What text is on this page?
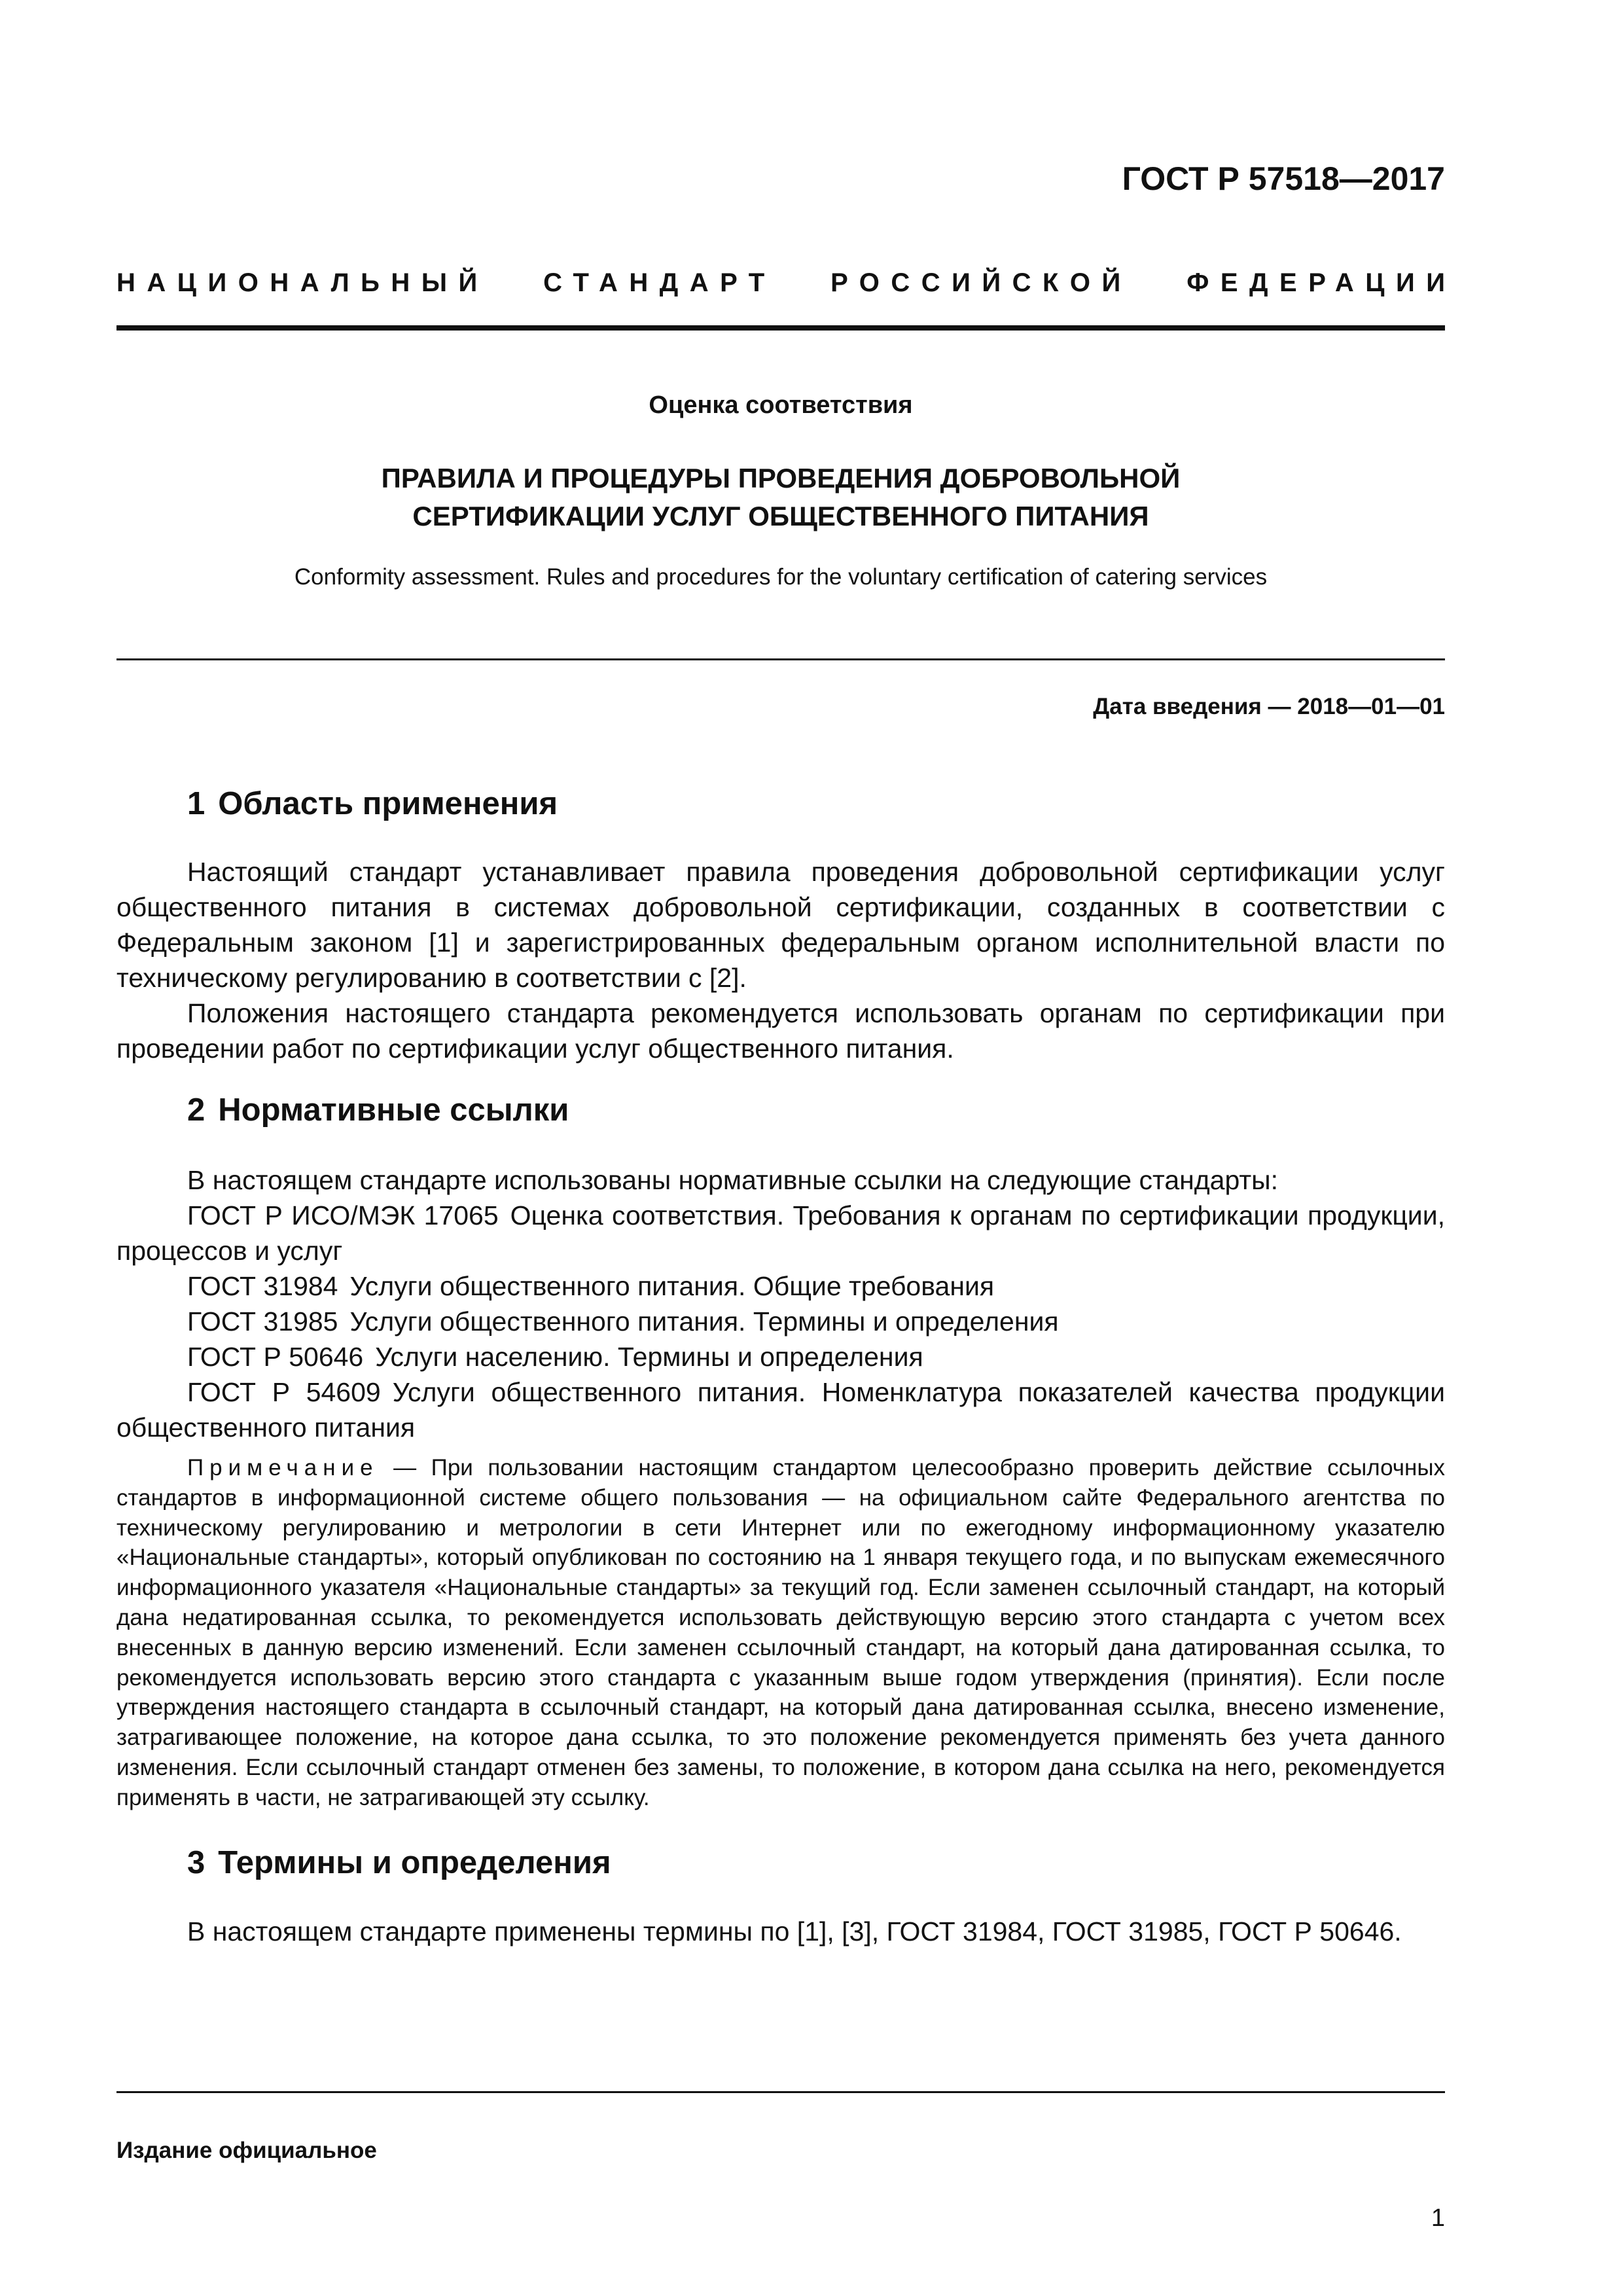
ГОСТ Р 57518—2017
НАЦИОНАЛЬНЫЙ СТАНДАРТ РОССИЙСКОЙ ФЕДЕРАЦИИ
Оценка соответствия
ПРАВИЛА И ПРОЦЕДУРЫ ПРОВЕДЕНИЯ ДОБРОВОЛЬНОЙ
СЕРТИФИКАЦИИ УСЛУГ ОБЩЕСТВЕННОГО ПИТАНИЯ
Conformity assessment. Rules and procedures for the voluntary certification of catering services
Дата введения — 2018—01—01
1 Область применения

Настоящий стандарт устанавливает правила проведения добровольной сертификации услуг общественного питания в системах добровольной сертификации, созданных в соответствии с Федеральным законом [1] и зарегистрированных федеральным органом исполнительной власти по техническому регулированию в соответствии с [2].

Положения настоящего стандарта рекомендуется использовать органам по сертификации при проведении работ по сертификации услуг общественного питания.

2 Нормативные ссылки

В настоящем стандарте использованы нормативные ссылки на следующие стандарты:

ГОСТ Р ИСО/МЭК 17065 Оценка соответствия. Требования к органам по сертификации продукции, процессов и услуг

ГОСТ 31984 Услуги общественного питания. Общие требования

ГОСТ 31985 Услуги общественного питания. Термины и определения

ГОСТ Р 50646 Услуги населению. Термины и определения

ГОСТ Р 54609 Услуги общественного питания. Номенклатура показателей качества продукции общественного питания

Примечание — При пользовании настоящим стандартом целесообразно проверить действие ссылочных стандартов в информационной системе общего пользования — на официальном сайте Федерального агентства по техническому регулированию и метрологии в сети Интернет или по ежегодному информационному указателю «Национальные стандарты», который опубликован по состоянию на 1 января текущего года, и по выпускам ежемесячного информационного указателя «Национальные стандарты» за текущий год. Если заменен ссылочный стандарт, на который дана недатированная ссылка, то рекомендуется использовать действующую версию этого стандарта с учетом всех внесенных в данную версию изменений. Если заменен ссылочный стандарт, на который дана датированная ссылка, то рекомендуется использовать версию этого стандарта с указанным выше годом утверждения (принятия). Если после утверждения настоящего стандарта в ссылочный стандарт, на который дана датированная ссылка, внесено изменение, затрагивающее положение, на которое дана ссылка, то это положение рекомендуется применять без учета данного изменения. Если ссылочный стандарт отменен без замены, то положение, в котором дана ссылка на него, рекомендуется применять в части, не затрагивающей эту ссылку.

3 Термины и определения

В настоящем стандарте применены термины по [1], [3], ГОСТ 31984, ГОСТ 31985, ГОСТ Р 50646.

Издание официальное
1
